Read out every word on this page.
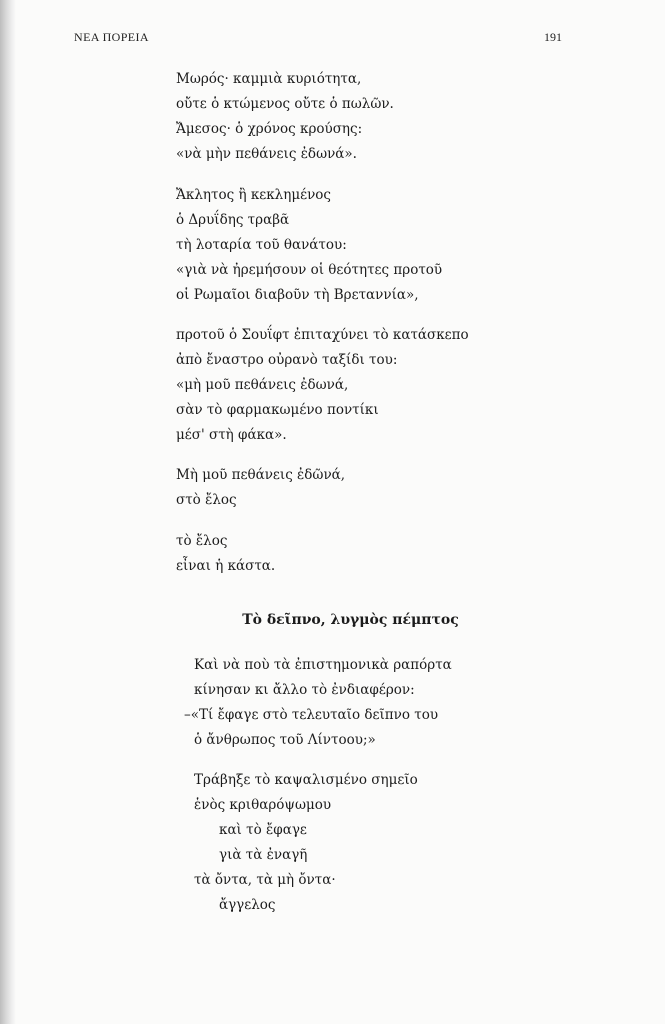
ΝΕΑ ΠΟΡΕΙΑ	191
Μωρός· καμμιὰ κυριότητα,
οὔτε ὁ κτώμενος οὔτε ὁ πωλῶν.
Ἄμεσος· ὁ χρόνος κρούσης:
«νὰ μὴν πεθάνεις ἐδωνά».
Ἄκλητος ἢ κεκλημένος
ὁ Δρυΐδης τραβᾶ
τὴ λοταρία τοῦ θανάτου:
«γιὰ νὰ ἠρεμήσουν οἱ θεότητες προτοῦ
οἱ Ρωμαῖοι διαβοῦν τὴ Βρεταννία»,
προτοῦ ὁ Σουΐφτ ἐπιταχύνει τὸ κατάσκεπο
ἀπὸ ἔναστρο οὐρανὸ ταξίδι του:
«μὴ μοῦ πεθάνεις ἐδωνά,
σὰν τὸ φαρμακωμένο ποντίκι
μέσ' στὴ φάκα».
Μὴ μοῦ πεθάνεις ἐδῶνά,
στὸ ἔλος
τὸ ἔλος
εἶναι ἡ κάστα.
Τὸ δεῖπνο, λυγμὸς πέμπτος
Καὶ νὰ ποὺ τὰ ἐπιστημονικὰ ραπόρτα
κίνησαν κι ἄλλο τὸ ἐνδιαφέρον:
–«Τί ἔφαγε στὸ τελευταῖο δεῖπνο του
ὁ ἄνθρωπος τοῦ Λίντοου;»
Τράβηξε τὸ καψαλισμένο σημεῖο
ἑνὸς κριθαρόψωμου
καὶ τὸ ἔφαγε
γιὰ τὰ ἐναγῆ
τὰ ὄντα, τὰ μὴ ὄντα·
ἄγγελος
